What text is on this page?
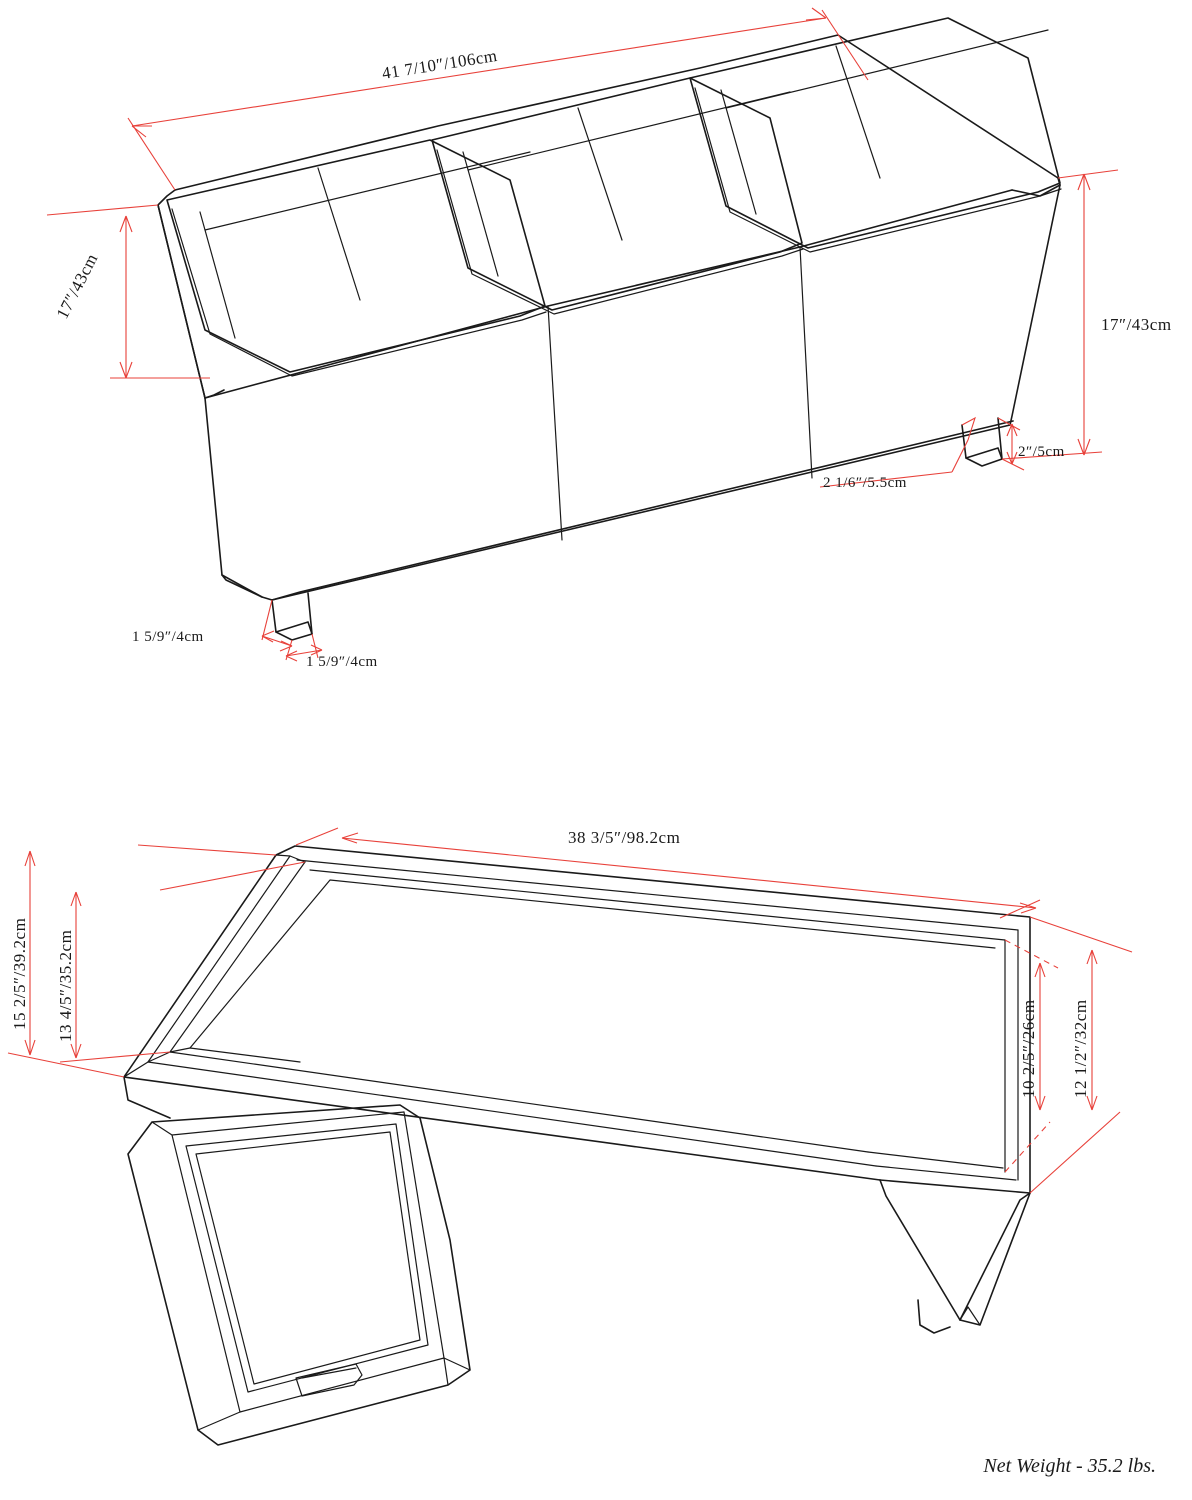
41 7/10″/106cm
17″/43cm
17″/43cm
2 1/6″/5.5cm
2″/5cm
1 5/9″/4cm
1 5/9″/4cm
38 3/5″/98.2cm
15 2/5″/39.2cm 13 4/5″/35.2cm
10 2/5″/26cm 12 1/2″/32cm
Net Weight - 35.2 lbs.
